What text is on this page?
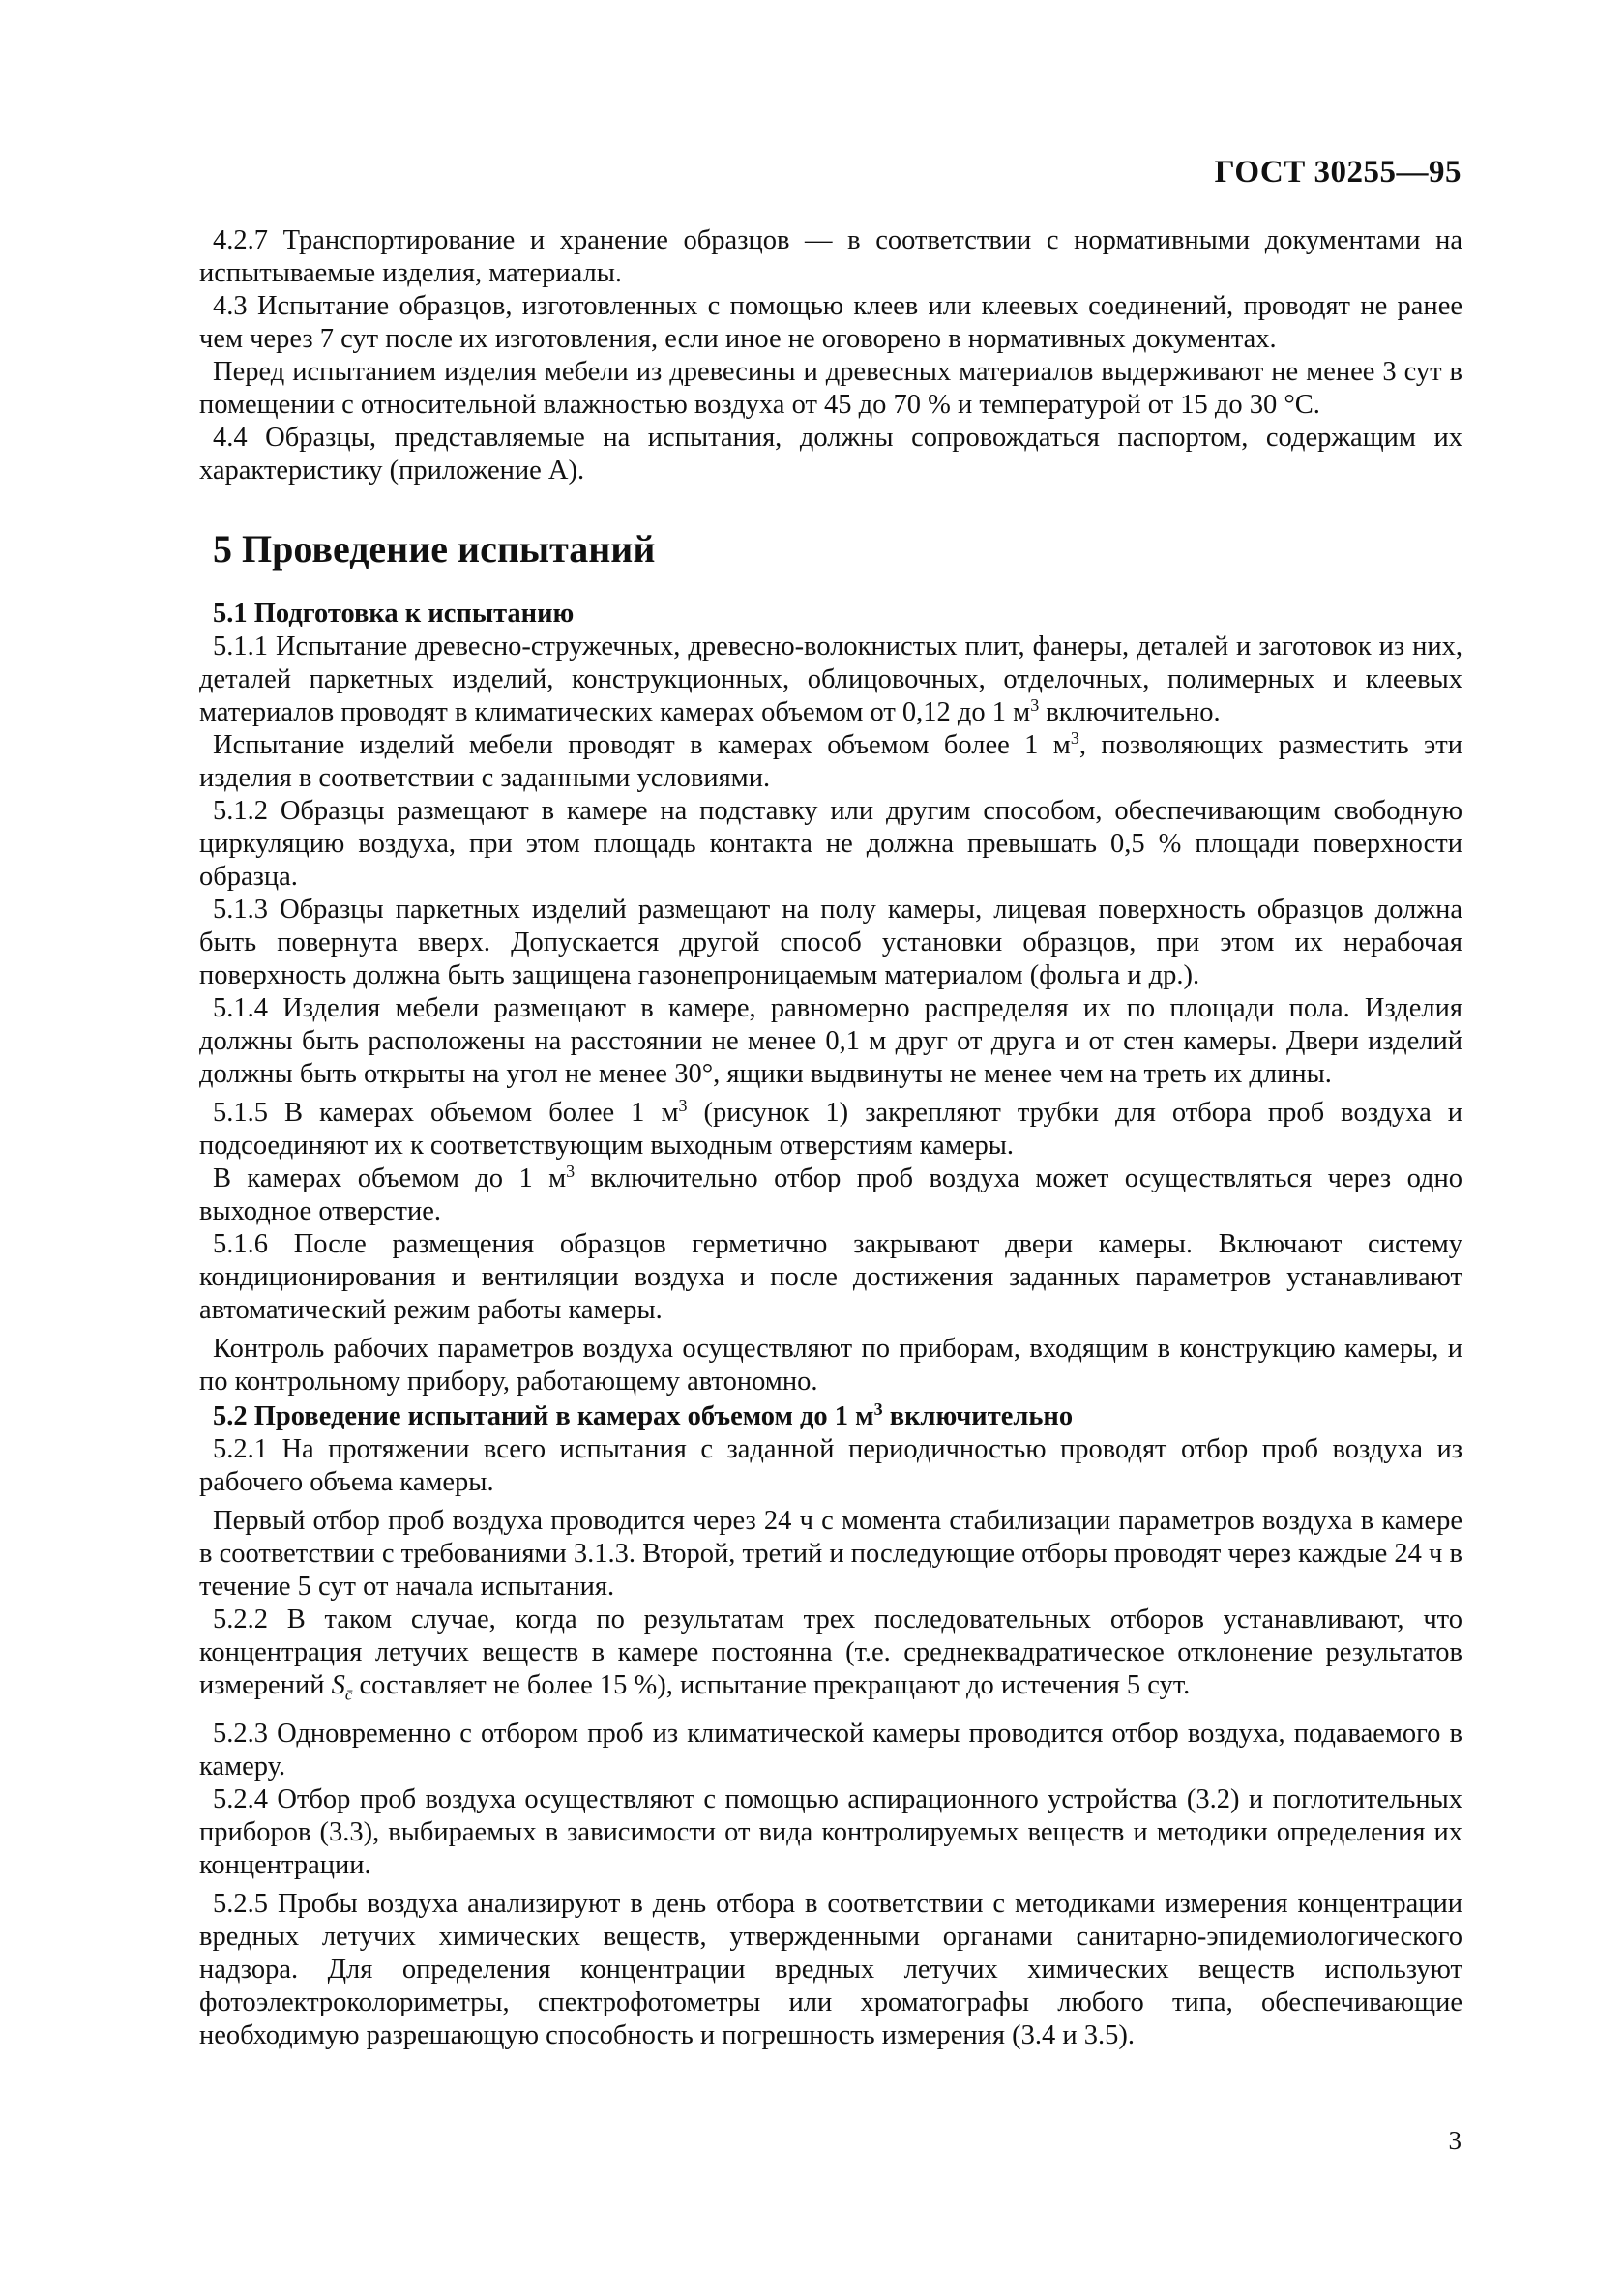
ГОСТ 30255—95

4.2.7 Транспортирование и хранение образцов — в соответствии с нормативными документами на испытываемые изделия, материалы.

4.3 Испытание образцов, изготовленных с помощью клеев или клеевых соединений, проводят не ранее чем через 7 сут после их изготовления, если иное не оговорено в нормативных документах.

Перед испытанием изделия мебели из древесины и древесных материалов выдерживают не менее 3 сут в помещении с относительной влажностью воздуха от 45 до 70 % и температурой от 15 до 30 °С.

4.4 Образцы, представляемые на испытания, должны сопровождаться паспортом, содержащим их характеристику (приложение А).

5 Проведение испытаний
5.1 Подготовка к испытанию

5.1.1 Испытание древесно-стружечных, древесно-волокнистых плит, фанеры, деталей и заготовок из них, деталей паркетных изделий, конструкционных, облицовочных, отделочных, полимерных и клеевых материалов проводят в климатических камерах объемом от 0,12 до 1 $м^3$ включительно.

Испытание изделий мебели проводят в камерах объемом более 1 $м^3$, позволяющих разместить эти изделия в соответствии с заданными условиями.

5.1.2 Образцы размещают в камере на подставку или другим способом, обеспечивающим свободную циркуляцию воздуха, при этом площадь контакта не должна превышать 0,5 % площади поверхности образца.

5.1.3 Образцы паркетных изделий размещают на полу камеры, лицевая поверхность образцов должна быть повернута вверх. Допускается другой способ установки образцов, при этом их нерабочая поверхность должна быть защищена газонепроницаемым материалом (фольга и др.).

5.1.4 Изделия мебели размещают в камере, равномерно распределяя их по площади пола. Изделия должны быть расположены на расстоянии не менее 0,1 м друг от друга и от стен камеры. Двери изделий должны быть открыты на угол не менее 30°, ящики выдвинуты не менее чем на треть их длины.

5.1.5 В камерах объемом более 1 $м^3$ (рисунок 1) закрепляют трубки для отбора проб воздуха и подсоединяют их к соответствующим выходным отверстиям камеры.

В камерах объемом до 1 $м^3$ включительно отбор проб воздуха может осуществляться через одно выходное отверстие.

5.1.6 После размещения образцов герметично закрывают двери камеры. Включают систему кондиционирования и вентиляции воздуха и после достижения заданных параметров устанавливают автоматический режим работы камеры.

Контроль рабочих параметров воздуха осуществляют по приборам, входящим в конструкцию камеры, и по контрольному прибору, работающему автономно.

5.2 Проведение испытаний в камерах объемом до 1 $м^3$ включительно

5.2.1 На протяжении всего испытания с заданной периодичностью проводят отбор проб воздуха из рабочего объема камеры.

Первый отбор проб воздуха проводится через 24 ч с момента стабилизации параметров воздуха в камере в соответствии с требованиями 3.1.3. Второй, третий и последующие отборы проводят через каждые 24 ч в течение 5 сут от начала испытания.

5.2.2 В таком случае, когда по результатам трех последовательных отборов устанавливают, что концентрация летучих веществ в камере постоянна (т.е. среднеквадратическое отклонение результатов измерений $S_{c̄}$ составляет не более 15 %), испытание прекращают до истечения 5 сут.

5.2.3 Одновременно с отбором проб из климатической камеры проводится отбор воздуха, подаваемого в камеру.

5.2.4 Отбор проб воздуха осуществляют с помощью аспирационного устройства (3.2) и поглотительных приборов (3.3), выбираемых в зависимости от вида контролируемых веществ и методики определения их концентрации.

5.2.5 Пробы воздуха анализируют в день отбора в соответствии с методиками измерения концентрации вредных летучих химических веществ, утвержденными органами санитарно-эпидемиологического надзора. Для определения концентрации вредных летучих химических веществ используют фотоэлектроколориметры, спектрофотометры или хроматографы любого типа, обеспечивающие необходимую разрешающую способность и погрешность измерения (3.4 и 3.5).

3
